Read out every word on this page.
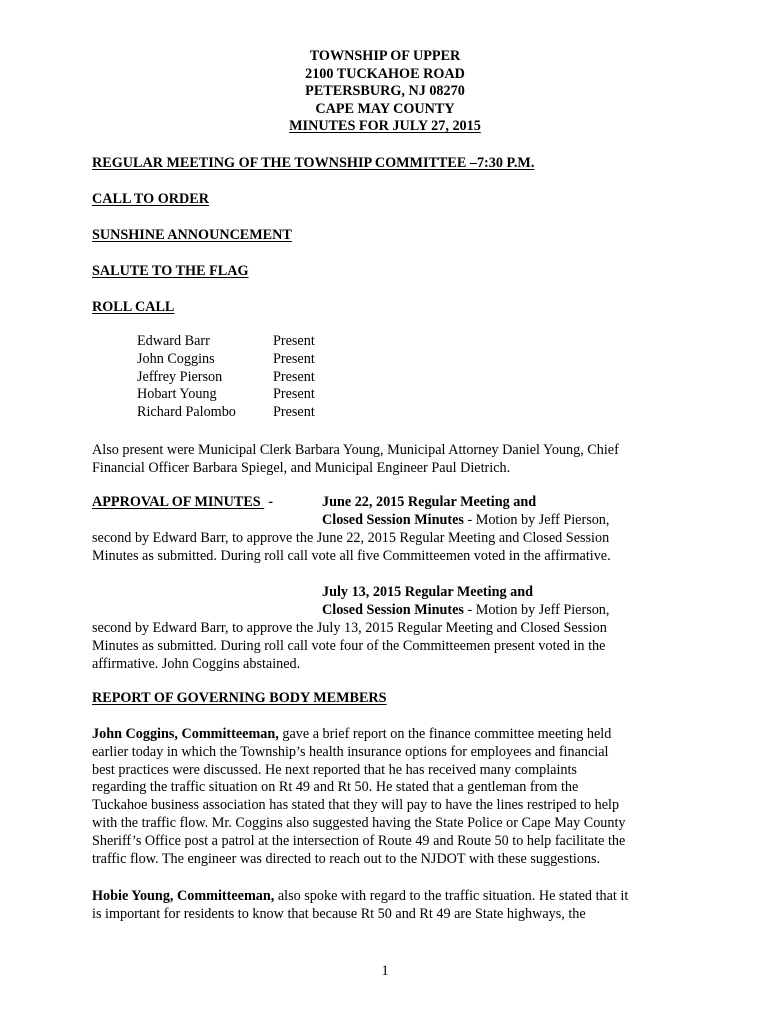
TOWNSHIP OF UPPER
2100 TUCKAHOE ROAD
PETERSBURG, NJ 08270
CAPE MAY COUNTY
MINUTES FOR JULY 27, 2015
REGULAR MEETING OF THE TOWNSHIP COMMITTEE –7:30 P.M.
CALL TO ORDER
SUNSHINE ANNOUNCEMENT
SALUTE TO THE FLAG
ROLL CALL
Edward Barr	Present
John Coggins	Present
Jeffrey Pierson	Present
Hobart Young	Present
Richard Palombo	Present
Also present were Municipal Clerk Barbara Young, Municipal Attorney Daniel Young, Chief
Financial Officer Barbara Spiegel, and Municipal Engineer Paul Dietrich.
APPROVAL OF MINUTES -	June 22, 2015 Regular Meeting and
Closed Session Minutes - Motion by Jeff Pierson,
second by Edward Barr, to approve the June 22, 2015 Regular Meeting and Closed Session
Minutes as submitted. During roll call vote all five Committeemen voted in the affirmative.
July 13, 2015 Regular Meeting and
Closed Session Minutes - Motion by Jeff Pierson,
second by Edward Barr, to approve the July 13, 2015 Regular Meeting and Closed Session
Minutes as submitted. During roll call vote four of the Committeemen present voted in the
affirmative. John Coggins abstained.
REPORT OF GOVERNING BODY MEMBERS
John Coggins, Committeeman, gave a brief report on the finance committee meeting held
earlier today in which the Township’s health insurance options for employees and financial
best practices were discussed. He next reported that he has received many complaints
regarding the traffic situation on Rt 49 and Rt 50. He stated that a gentleman from the
Tuckahoe business association has stated that they will pay to have the lines restriped to help
with the traffic flow. Mr. Coggins also suggested having the State Police or Cape May County
Sheriff’s Office post a patrol at the intersection of Route 49 and Route 50 to help facilitate the
traffic flow. The engineer was directed to reach out to the NJDOT with these suggestions.
Hobie Young, Committeeman, also spoke with regard to the traffic situation. He stated that it
is important for residents to know that because Rt 50 and Rt 49 are State highways, the
1
